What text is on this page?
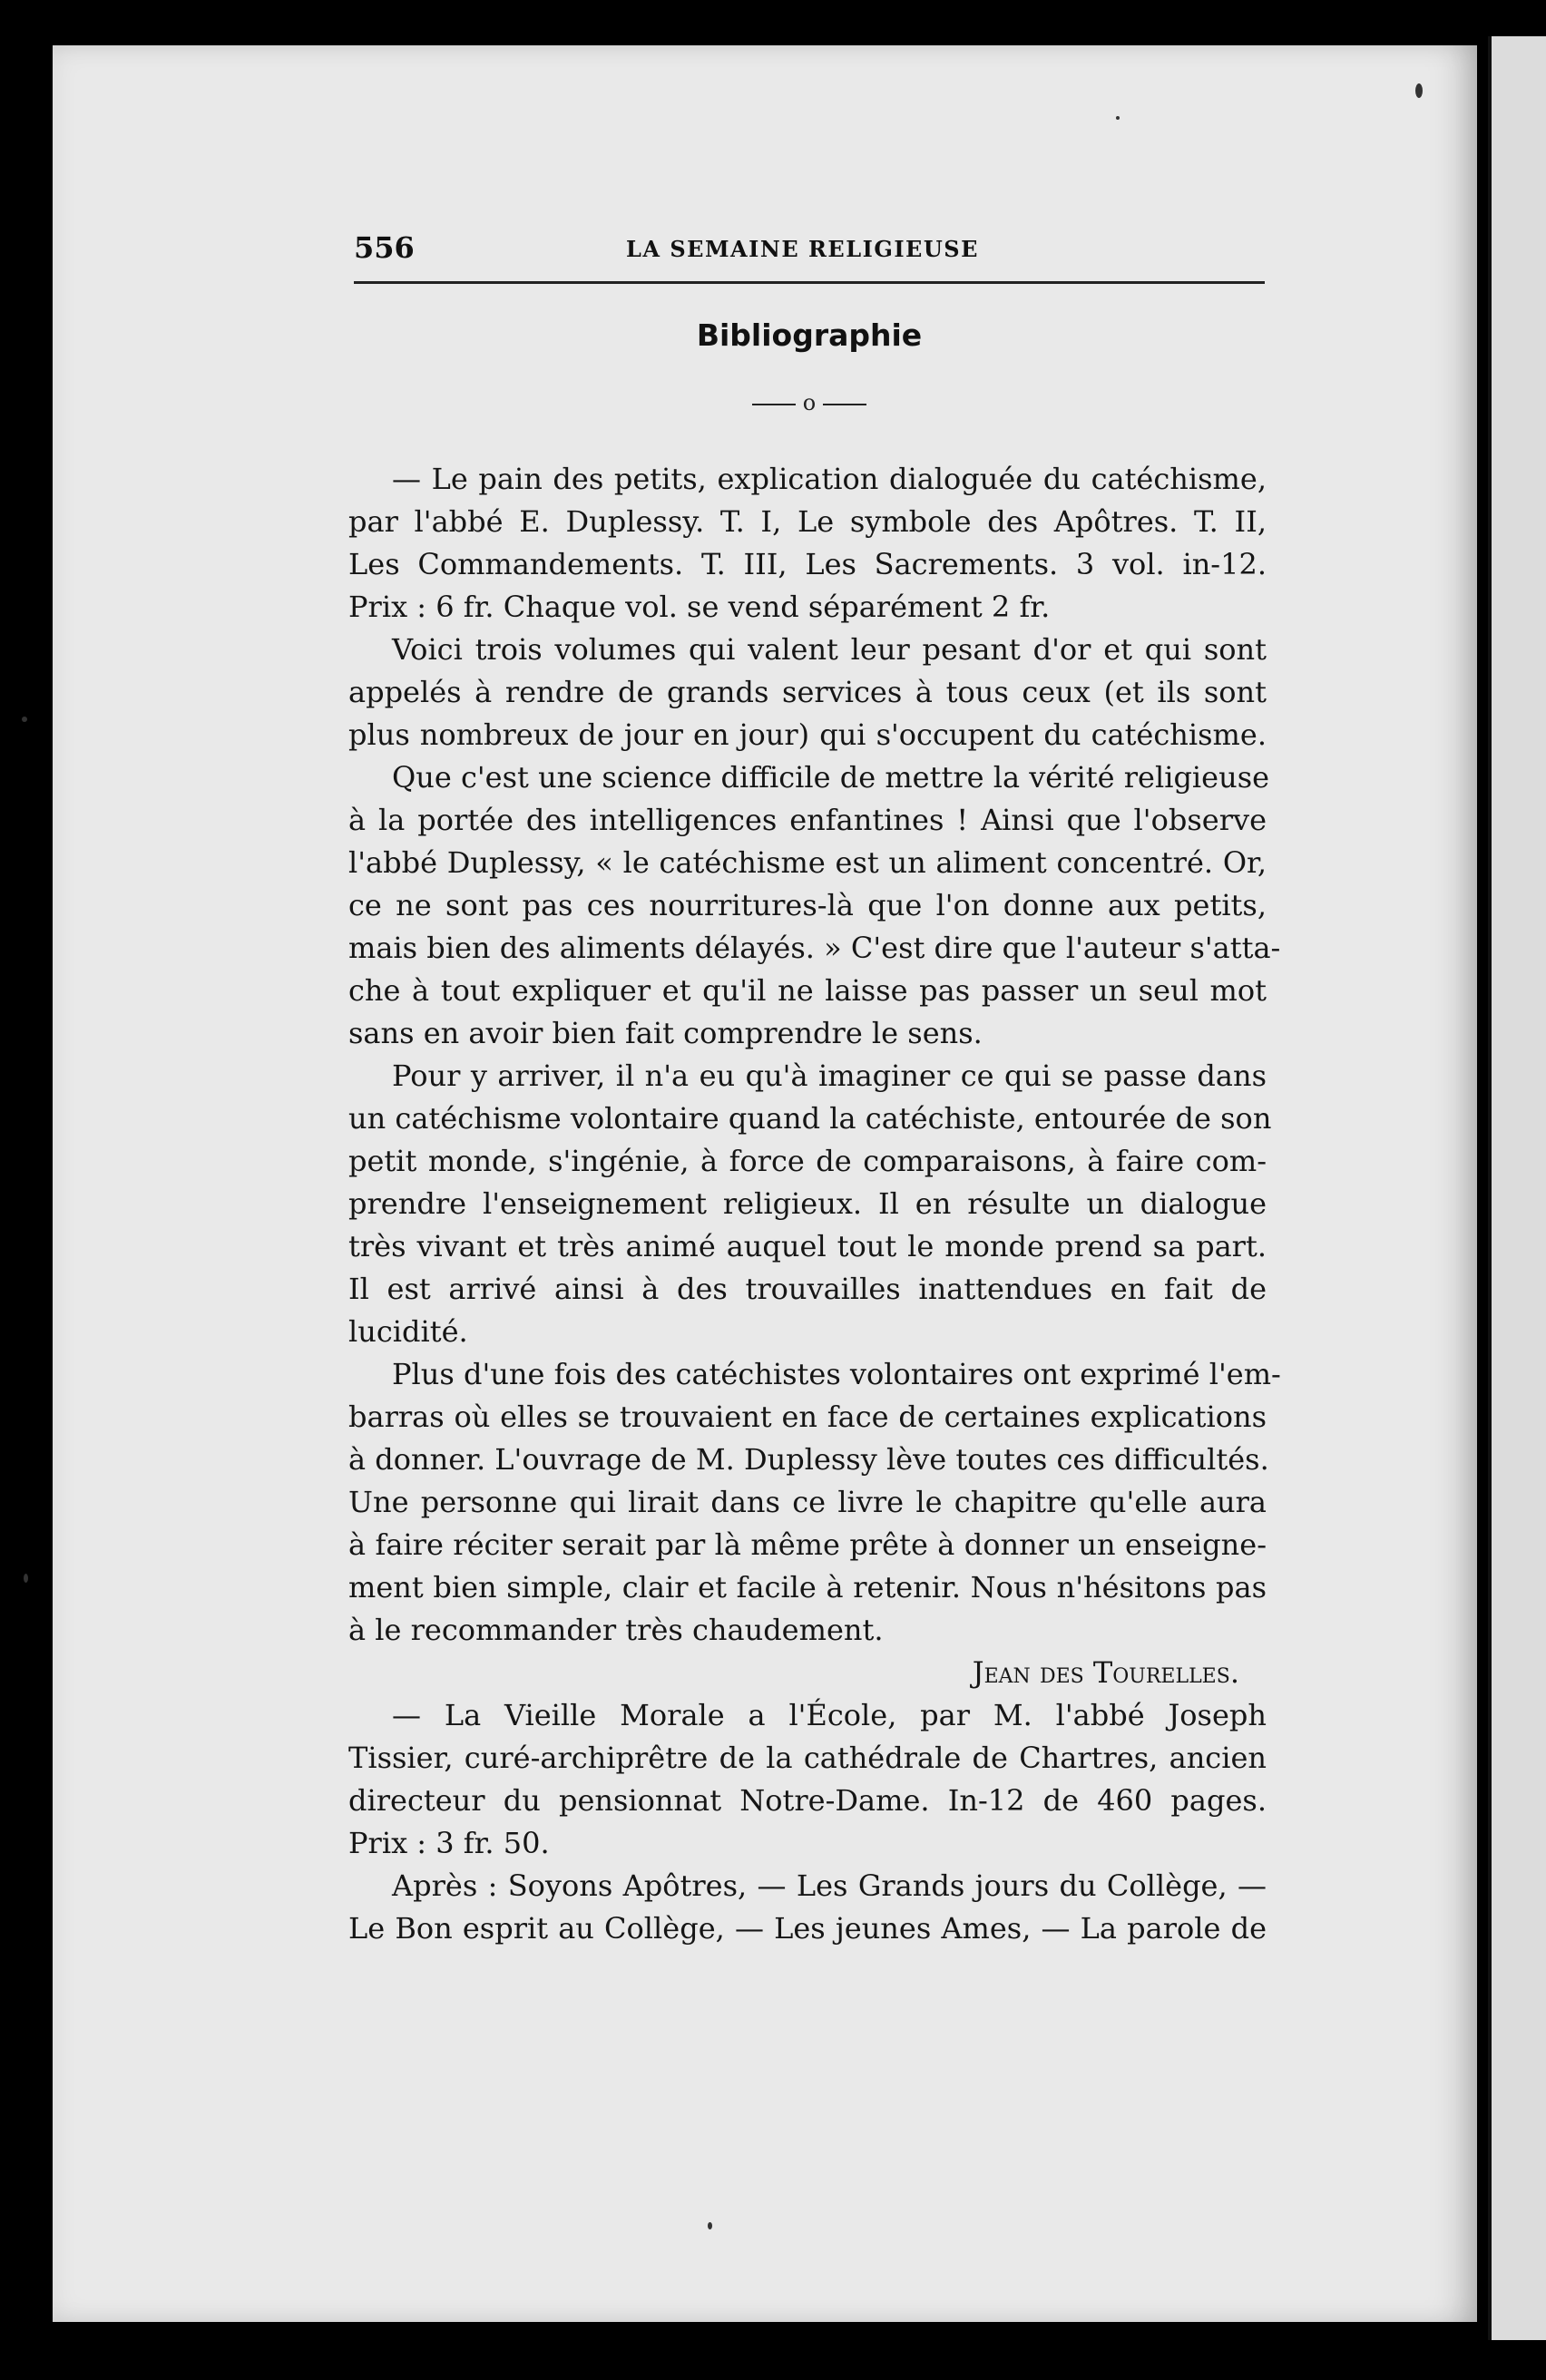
556	LA SEMAINE RELIGIEUSE
Bibliographie
o
— Le pain des petits, explication dialoguée du catéchisme,
par l'abbé E. Duplessy. T. I, Le symbole des Apôtres. T. II,
Les Commandements. T. III, Les Sacrements. 3 vol. in-12.
Prix : 6 fr. Chaque vol. se vend séparément 2 fr.
Voici trois volumes qui valent leur pesant d'or et qui sont
appelés à rendre de grands services à tous ceux (et ils sont
plus nombreux de jour en jour) qui s'occupent du catéchisme.
Que c'est une science difficile de mettre la vérité religieuse
à la portée des intelligences enfantines ! Ainsi que l'observe
l'abbé Duplessy, « le catéchisme est un aliment concentré. Or,
ce ne sont pas ces nourritures-là que l'on donne aux petits,
mais bien des aliments délayés. » C'est dire que l'auteur s'atta-
che à tout expliquer et qu'il ne laisse pas passer un seul mot
sans en avoir bien fait comprendre le sens.
Pour y arriver, il n'a eu qu'à imaginer ce qui se passe dans
un catéchisme volontaire quand la catéchiste, entourée de son
petit monde, s'ingénie, à force de comparaisons, à faire com-
prendre l'enseignement religieux. Il en résulte un dialogue
très vivant et très animé auquel tout le monde prend sa part.
Il est arrivé ainsi à des trouvailles inattendues en fait de
lucidité.
Plus d'une fois des catéchistes volontaires ont exprimé l'em-
barras où elles se trouvaient en face de certaines explications
à donner. L'ouvrage de M. Duplessy lève toutes ces difficultés.
Une personne qui lirait dans ce livre le chapitre qu'elle aura
à faire réciter serait par là même prête à donner un enseigne-
ment bien simple, clair et facile à retenir. Nous n'hésitons pas
à le recommander très chaudement.
Jean des Tourelles.
— La Vieille Morale a l'École, par M. l'abbé Joseph
Tissier, curé-archiprêtre de la cathédrale de Chartres, ancien
directeur du pensionnat Notre-Dame. In-12 de 460 pages.
Prix : 3 fr. 50.
Après : Soyons Apôtres, — Les Grands jours du Collège, —
Le Bon esprit au Collège, — Les jeunes Ames, — La parole de
